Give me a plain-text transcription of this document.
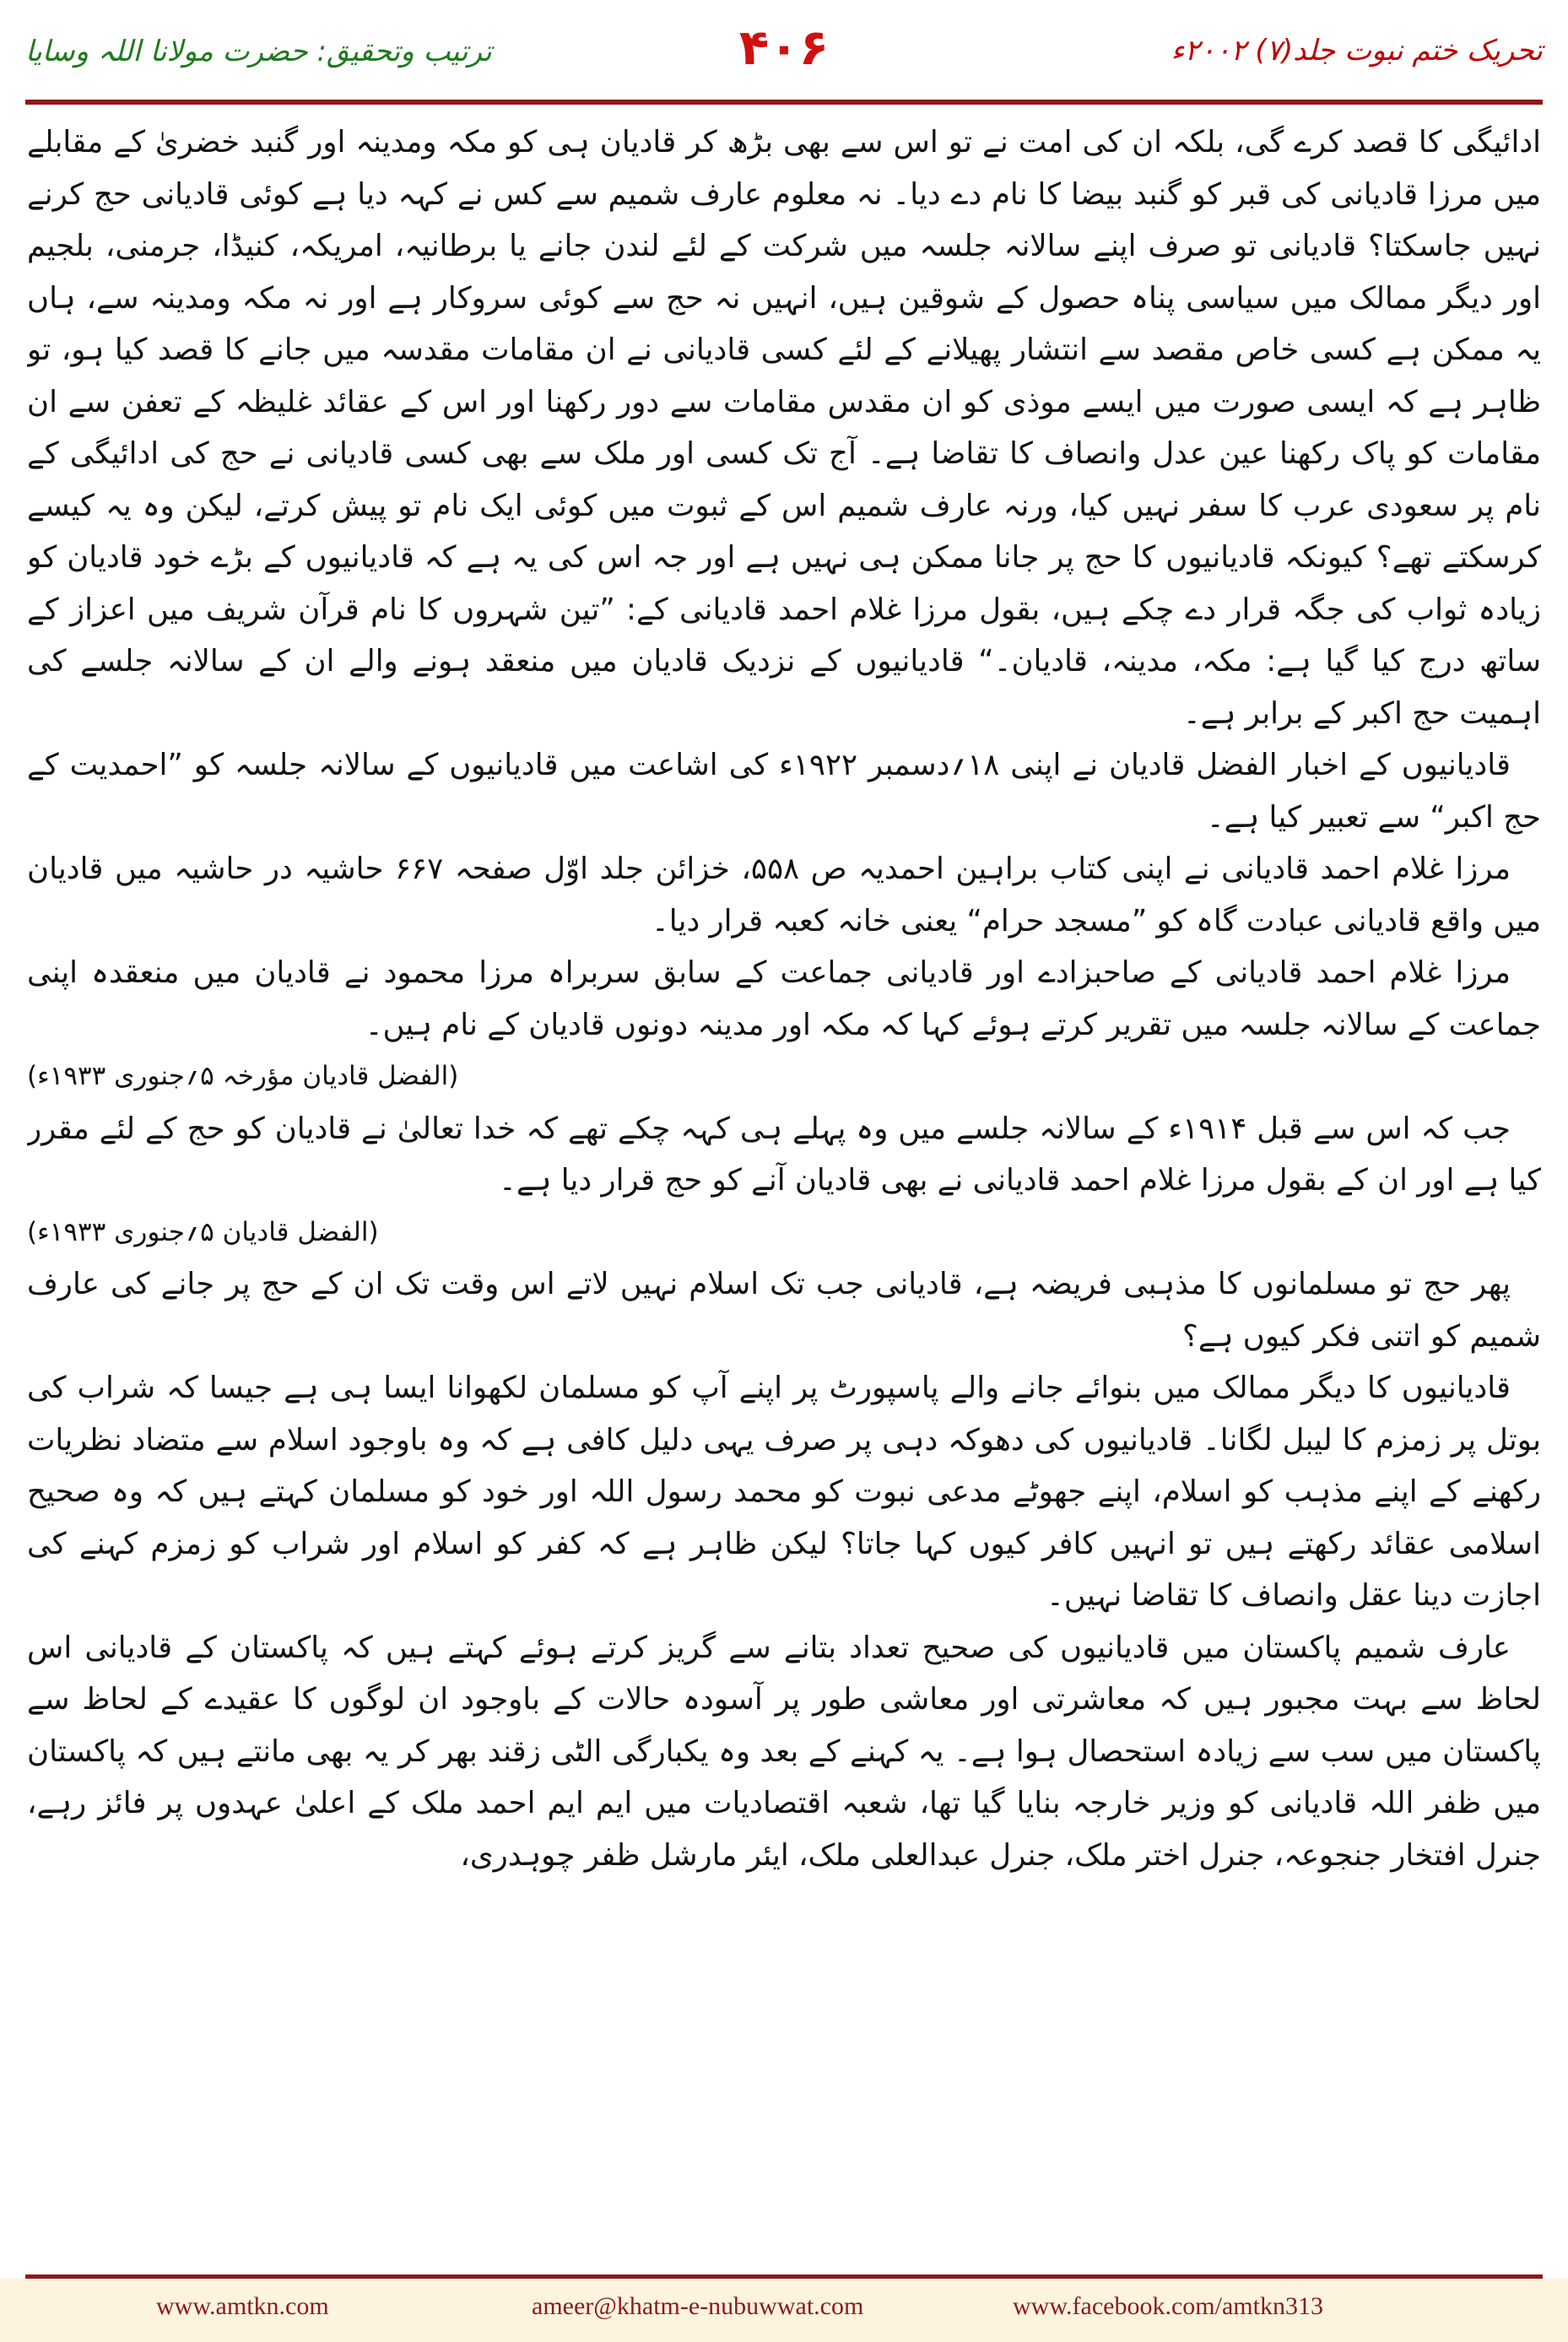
ترتیب وتحقیق: حضرت مولانا اللہ وسایا	۴۰۶	تحریک ختم نبوت جلد(۷) ۲۰۰۲ء

ادائیگی کا قصد کرے گی، بلکہ ان کی امت نے تو اس سے بھی بڑھ کر قادیان ہی کو مکہ ومدینہ اور گنبد خضریٰ کے مقابلے میں مرزا قادیانی کی قبر کو گنبد بیضا کا نام دے دیا۔ نہ معلوم عارف شمیم سے کس نے کہہ دیا ہے کوئی قادیانی حج کرنے نہیں جاسکتا؟ قادیانی تو صرف اپنے سالانہ جلسہ میں شرکت کے لئے لندن جانے یا برطانیہ، امریکہ، کنیڈا، جرمنی، بلجیم اور دیگر ممالک میں سیاسی پناہ حصول کے شوقین ہیں، انہیں نہ حج سے کوئی سروکار ہے اور نہ مکہ ومدینہ سے، ہاں یہ ممکن ہے کسی خاص مقصد سے انتشار پھیلانے کے لئے کسی قادیانی نے ان مقامات مقدسہ میں جانے کا قصد کیا ہو، تو ظاہر ہے کہ ایسی صورت میں ایسے موذی کو ان مقدس مقامات سے دور رکھنا اور اس کے عقائد غلیظہ کے تعفن سے ان مقامات کو پاک رکھنا عین عدل وانصاف کا تقاضا ہے۔ آج تک کسی اور ملک سے بھی کسی قادیانی نے حج کی ادائیگی کے نام پر سعودی عرب کا سفر نہیں کیا، ورنہ عارف شمیم اس کے ثبوت میں کوئی ایک نام تو پیش کرتے، لیکن وہ یہ کیسے کرسکتے تھے؟ کیونکہ قادیانیوں کا حج پر جانا ممکن ہی نہیں ہے اور جہ اس کی یہ ہے کہ قادیانیوں کے بڑے خود قادیان کو زیادہ ثواب کی جگہ قرار دے چکے ہیں، بقول مرزا غلام احمد قادیانی کے: ”تین شہروں کا نام قرآن شریف میں اعزاز کے ساتھ درج کیا گیا ہے: مکہ، مدینہ، قادیان۔“ قادیانیوں کے نزدیک قادیان میں منعقد ہونے والے ان کے سالانہ جلسے کی اہمیت حج اکبر کے برابر ہے۔

قادیانیوں کے اخبار الفضل قادیان نے اپنی ۱۸؍دسمبر ۱۹۲۲ء کی اشاعت میں قادیانیوں کے سالانہ جلسہ کو ”احمدیت کے حج اکبر“ سے تعبیر کیا ہے۔

مرزا غلام احمد قادیانی نے اپنی کتاب براہین احمدیہ ص ۵۵۸، خزائن جلد اوّل صفحہ ۶۶۷ حاشیہ در حاشیہ میں قادیان میں واقع قادیانی عبادت گاہ کو ”مسجد حرام“ یعنی خانہ کعبہ قرار دیا۔

مرزا غلام احمد قادیانی کے صاحبزادے اور قادیانی جماعت کے سابق سربراہ مرزا محمود نے قادیان میں منعقدہ اپنی جماعت کے سالانہ جلسہ میں تقریر کرتے ہوئے کہا کہ مکہ اور مدینہ دونوں قادیان کے نام ہیں۔

(الفضل قادیان مؤرخہ ۵؍جنوری ۱۹۳۳ء)

جب کہ اس سے قبل ۱۹۱۴ء کے سالانہ جلسے میں وہ پہلے ہی کہہ چکے تھے کہ خدا تعالیٰ نے قادیان کو حج کے لئے مقرر کیا ہے اور ان کے بقول مرزا غلام احمد قادیانی نے بھی قادیان آنے کو حج قرار دیا ہے۔

(الفضل قادیان ۵؍جنوری ۱۹۳۳ء)

پھر حج تو مسلمانوں کا مذہبی فریضہ ہے، قادیانی جب تک اسلام نہیں لاتے اس وقت تک ان کے حج پر جانے کی عارف شمیم کو اتنی فکر کیوں ہے؟

قادیانیوں کا دیگر ممالک میں بنوائے جانے والے پاسپورٹ پر اپنے آپ کو مسلمان لکھوانا ایسا ہی ہے جیسا کہ شراب کی بوتل پر زمزم کا لیبل لگانا۔ قادیانیوں کی دھوکہ دہی پر صرف یہی دلیل کافی ہے کہ وہ باوجود اسلام سے متضاد نظریات رکھنے کے اپنے مذہب کو اسلام، اپنے جھوٹے مدعی نبوت کو محمد رسول اللہ اور خود کو مسلمان کہتے ہیں کہ وہ صحیح اسلامی عقائد رکھتے ہیں تو انہیں کافر کیوں کہا جاتا؟ لیکن ظاہر ہے کہ کفر کو اسلام اور شراب کو زمزم کہنے کی اجازت دینا عقل وانصاف کا تقاضا نہیں۔

عارف شمیم پاکستان میں قادیانیوں کی صحیح تعداد بتانے سے گریز کرتے ہوئے کہتے ہیں کہ پاکستان کے قادیانی اس لحاظ سے بہت مجبور ہیں کہ معاشرتی اور معاشی طور پر آسودہ حالات کے باوجود ان لوگوں کا عقیدے کے لحاظ سے پاکستان میں سب سے زیادہ استحصال ہوا ہے۔ یہ کہنے کے بعد وہ یکبارگی الٹی زقند بھر کر یہ بھی مانتے ہیں کہ پاکستان میں ظفر اللہ قادیانی کو وزیر خارجہ بنایا گیا تھا، شعبہ اقتصادیات میں ایم ایم احمد ملک کے اعلیٰ عہدوں پر فائز رہے، جنرل افتخار جنجوعہ، جنرل اختر ملک، جنرل عبدالعلی ملک، ایئر مارشل ظفر چوہدری،

www.amtkn.com	ameer@khatm-e-nubuwwat.com	www.facebook.com/amtkn313
